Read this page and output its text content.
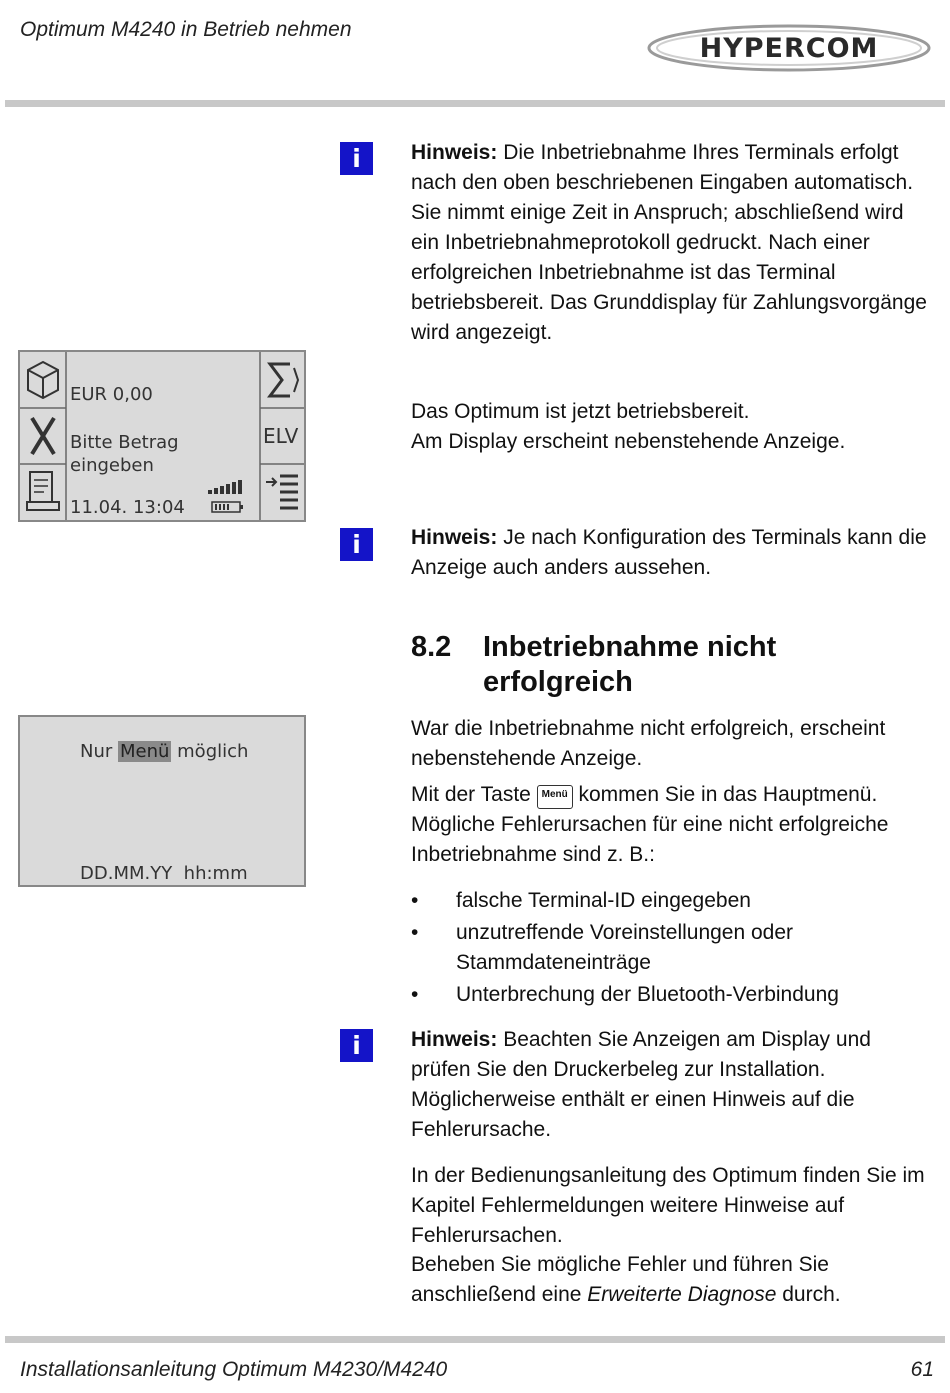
Optimum M4240 in Betrieb nehmen
HYPERCOM
i	Hinweis: Die Inbetriebnahme Ihres Terminals erfolgt nach den oben beschriebenen Eingaben automatisch. Sie nimmt einige Zeit in Anspruch; abschließend wird ein Inbetriebnahmeprotokoll gedruckt. Nach einer erfolgreichen Inbetriebnahme ist das Terminal betriebsbereit. Das Grunddisplay für Zahlungsvorgänge wird angezeigt.
ELV
EUR 0,00
Bitte Betrag
eingeben
11.04. 13:04
Das Optimum ist jetzt betriebsbereit.
Am Display erscheint nebenstehende Anzeige.
i	Hinweis: Je nach Konfiguration des Terminals kann die Anzeige auch anders aussehen.
8.2 Inbetriebnahme nicht
erfolgreich
Nur Menü möglich
DD.MM.YY  hh:mm
War die Inbetriebnahme nicht erfolgreich, erscheint nebenstehende Anzeige.
Mit der Taste Menü kommen Sie in das Hauptmenü. Mögliche Fehlerursachen für eine nicht erfolgreiche Inbetriebnahme sind z. B.:
• falsche Terminal-ID eingegeben
• unzutreffende Voreinstellungen oder Stammdateneinträge
• Unterbrechung der Bluetooth-Verbindung
i	Hinweis: Beachten Sie Anzeigen am Display und prüfen Sie den Druckerbeleg zur Installation. Möglicherweise enthält er einen Hinweis auf die Fehlerursache.
In der Bedienungsanleitung des Optimum finden Sie im Kapitel Fehlermeldungen weitere Hinweise auf Fehlerursachen.
Beheben Sie mögliche Fehler und führen Sie anschließend eine Erweiterte Diagnose durch.
Installationsanleitung Optimum M4230/M4240	61
